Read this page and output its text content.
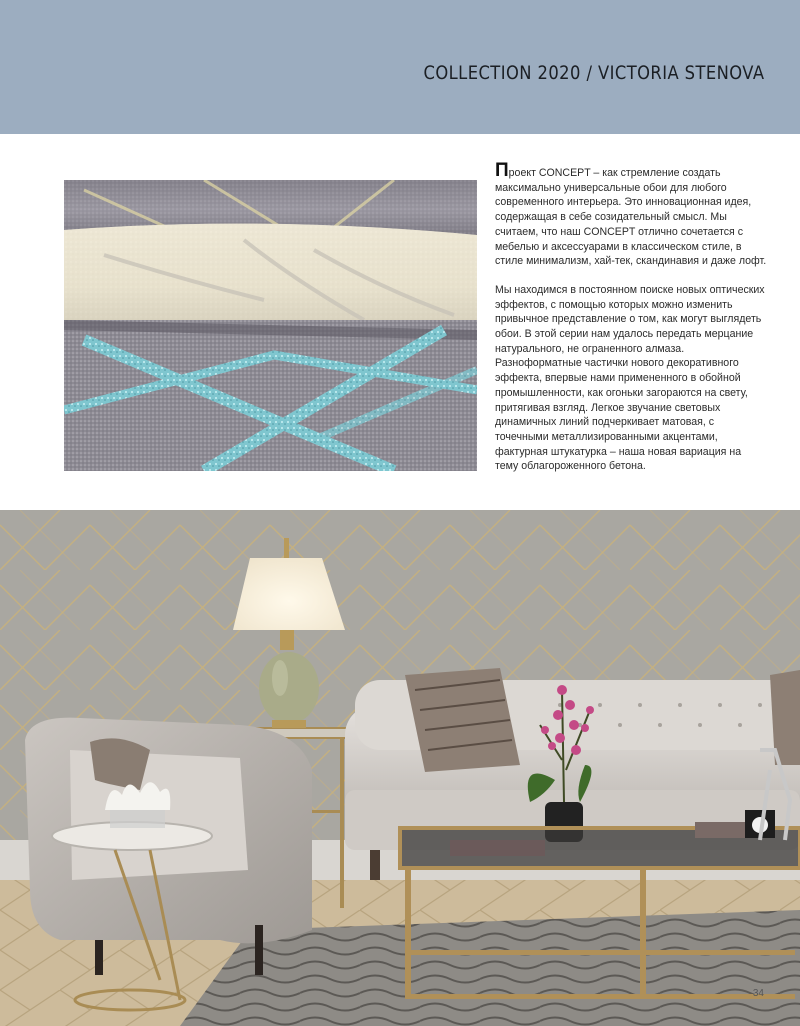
COLLECTION 2020 / VICTORIA STENOVA

Проект CONCEPT – как стремление создать максимально универсальные обои для любого современного интерьера. Это инновационная идея, содержащая в себе созидательный смысл. Мы считаем, что наш CONCEPT отлично сочетается с мебелью и аксессуарами в классическом стиле, в стиле минимализм, хай-тек, скандинавия и даже лофт.

Мы находимся в постоянном поиске новых оптических эффектов, с помощью которых можно изменить привычное представление о том, как могут выглядеть обои. В этой серии нам удалось передать мерцание натурального, не ограненного алмаза. Разноформатные частички нового декоративного эффекта, впервые нами примененного в обойной промышленности, как огоньки загораются на свету, притягивая взгляд. Легкое звучание световых динамичных линий подчеркивает матовая, с точечными металлизированными акцентами, фактурная штукатурка – наша новая вариация на тему облагороженного бетона.

34
